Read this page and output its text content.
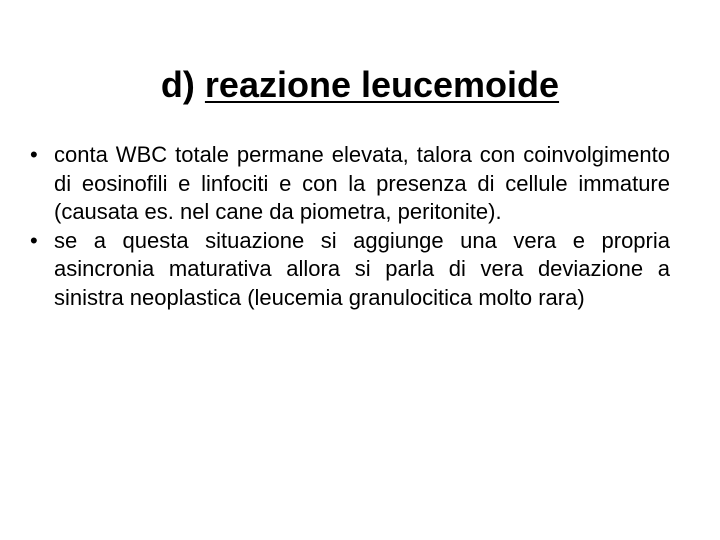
d) reazione leucemoide
• conta WBC totale permane elevata, talora con coinvolgimento di eosinofili e linfociti e con la presenza di cellule immature (causata es. nel cane da piometra, peritonite).
• se a questa situazione si aggiunge una vera e propria asincronia maturativa allora si parla di vera deviazione a sinistra neoplastica (leucemia granulocitica molto rara)
